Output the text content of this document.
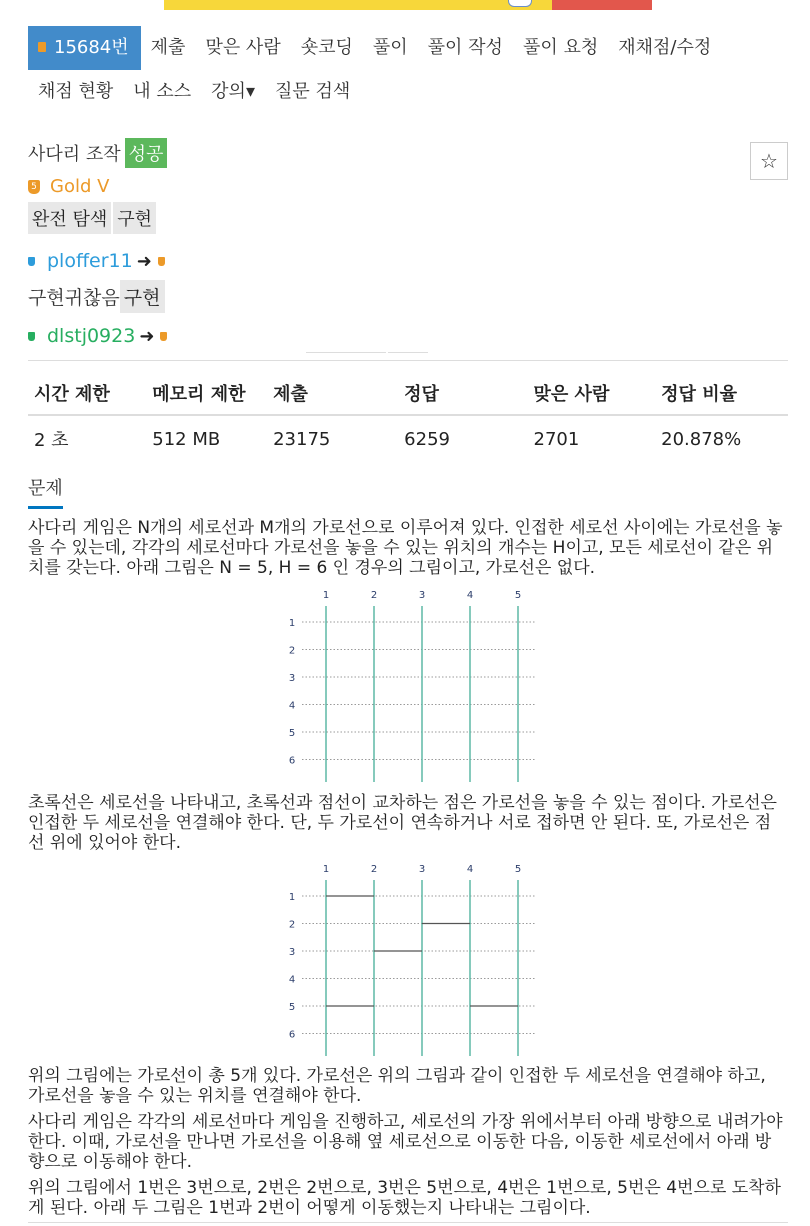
15684번	제출	맞은 사람	숏코딩	풀이	풀이 작성	풀이 요청	재채점/수정
채점 현황	내 소스	강의▾	질문 검색
사다리 조작 성공	☆
5 Gold V
완전 탐색 구현
ploffer11 ➜
구현귀찮음 구현
dlstj0923 ➜
시간 제한	메모리 제한	제출	정답	맞은 사람	정답 비율
2 초	512 MB	23175	6259	2701	20.878%
문제

사다리 게임은 N개의 세로선과 M개의 가로선으로 이루어져 있다. 인접한 세로선 사이에는 가로선을 놓을 수 있는데, 각각의 세로선마다 가로선을 놓을 수 있는 위치의 개수는 H이고, 모든 세로선이 같은 위치를 갖는다. 아래 그림은 N = 5, H = 6 인 경우의 그림이고, 가로선은 없다.

1	2	3	4	5
1
2
3
4
5
6

초록선은 세로선을 나타내고, 초록선과 점선이 교차하는 점은 가로선을 놓을 수 있는 점이다. 가로선은 인접한 두 세로선을 연결해야 한다. 단, 두 가로선이 연속하거나 서로 접하면 안 된다. 또, 가로선은 점선 위에 있어야 한다.

1	2	3	4	5
1
2
3
4
5
6

위의 그림에는 가로선이 총 5개 있다. 가로선은 위의 그림과 같이 인접한 두 세로선을 연결해야 하고, 가로선을 놓을 수 있는 위치를 연결해야 한다.

사다리 게임은 각각의 세로선마다 게임을 진행하고, 세로선의 가장 위에서부터 아래 방향으로 내려가야 한다. 이때, 가로선을 만나면 가로선을 이용해 옆 세로선으로 이동한 다음, 이동한 세로선에서 아래 방향으로 이동해야 한다.

위의 그림에서 1번은 3번으로, 2번은 2번으로, 3번은 5번으로, 4번은 1번으로, 5번은 4번으로 도착하게 된다. 아래 두 그림은 1번과 2번이 어떻게 이동했는지 나타내는 그림이다.
